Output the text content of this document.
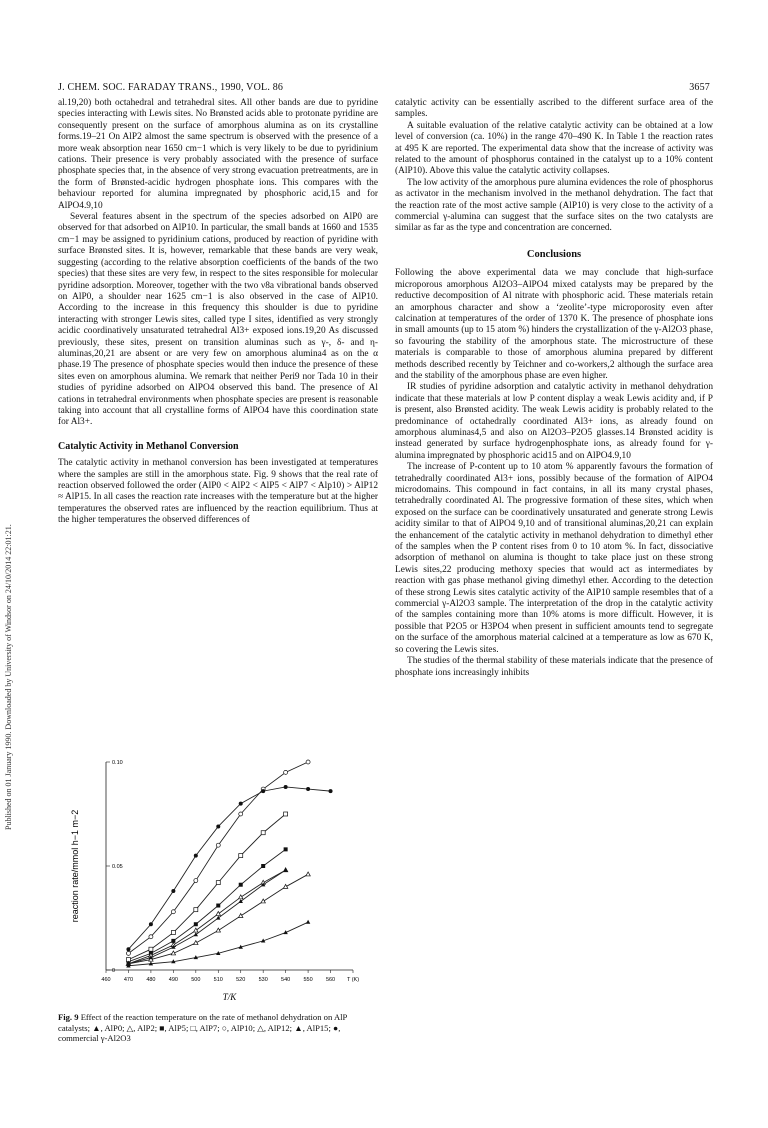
J. CHEM. SOC. FARADAY TRANS., 1990, VOL. 86	3657
Published on 01 January 1990. Downloaded by University of Windsor on 24/10/2014 22:01:21.

al.19,20) both octahedral and tetrahedral sites. All other bands are due to pyridine species interacting with Lewis sites. No Brønsted acids able to protonate pyridine are consequently present on the surface of amorphous alumina as on its crystalline forms.19–21 On AlP2 almost the same spectrum is observed with the presence of a more weak absorption near 1650 cm−1 which is very likely to be due to pyridinium cations. Their presence is very probably associated with the presence of surface phosphate species that, in the absence of very strong evacuation pretreatments, are in the form of Brønsted-acidic hydrogen phosphate ions. This compares with the behaviour reported for alumina impregnated by phosphoric acid,15 and for AlPO4.9,10

Several features absent in the spectrum of the species adsorbed on AlP0 are observed for that adsorbed on AlP10. In particular, the small bands at 1660 and 1535 cm−1 may be assigned to pyridinium cations, produced by reaction of pyridine with surface Brønsted sites. It is, however, remarkable that these bands are very weak, suggesting (according to the relative absorption coefficients of the bands of the two species) that these sites are very few, in respect to the sites responsible for molecular pyridine adsorption. Moreover, together with the two ν8a vibrational bands observed on AlP0, a shoulder near 1625 cm−1 is also observed in the case of AlP10. According to the increase in this frequency this shoulder is due to pyridine interacting with stronger Lewis sites, called type I sites, identified as very strongly acidic coordinatively unsaturated tetrahedral Al3+ exposed ions.19,20 As discussed previously, these sites, present on transition aluminas such as γ-, δ- and η-aluminas,20,21 are absent or are very few on amorphous alumina4 as on the α phase.19 The presence of phosphate species would then induce the presence of these sites even on amorphous alumina. We remark that neither Peri9 nor Tada 10 in their studies of pyridine adsorbed on AlPO4 observed this band. The presence of Al cations in tetrahedral environments when phosphate species are present is reasonable taking into account that all crystalline forms of AlPO4 have this coordination state for Al3+.

Catalytic Activity in Methanol Conversion

The catalytic activity in methanol conversion has been investigated at temperatures where the samples are still in the amorphous state. Fig. 9 shows that the real rate of reaction observed followed the order (AlP0 < AlP2 < AlP5 < AlP7 < Alp10) > AlP12 ≈ AlP15. In all cases the reaction rate increases with the temperature but at the higher temperatures the observed rates are influenced by the reaction equilibrium. Thus at the higher temperatures the observed differences of

460 470 480 490 500 510 520 530 540 550 560 T (K)
0
0.05
0.10
reaction rate/mmol h−1 m−2
T/K
Fig. 9 Effect of the reaction temperature on the rate of methanol dehydration on AlP catalysts; ▲, AlP0; △, AlP2; ■, AlP5; □, AlP7; ○, AlP10; △, AlP12; ▲, AlP15; ●, commercial γ-Al2O3

catalytic activity can be essentially ascribed to the different surface area of the samples.

A suitable evaluation of the relative catalytic activity can be obtained at a low level of conversion (ca. 10%) in the range 470–490 K. In Table 1 the reaction rates at 495 K are reported. The experimental data show that the increase of activity was related to the amount of phosphorus contained in the catalyst up to a 10% content (AlP10). Above this value the catalytic activity collapses.

The low activity of the amorphous pure alumina evidences the role of phosphorus as activator in the mechanism involved in the methanol dehydration. The fact that the reaction rate of the most active sample (AlP10) is very close to the activity of a commercial γ-alumina can suggest that the surface sites on the two catalysts are similar as far as the type and concentration are concerned.

Conclusions

Following the above experimental data we may conclude that high-surface microporous amorphous Al2O3–AlPO4 mixed catalysts may be prepared by the reductive decomposition of Al nitrate with phosphoric acid. These materials retain an amorphous character and show a ‘zeolite’-type microporosity even after calcination at temperatures of the order of 1370 K. The presence of phosphate ions in small amounts (up to 15 atom %) hinders the crystallization of the γ-Al2O3 phase, so favouring the stability of the amorphous state. The microstructure of these materials is comparable to those of amorphous alumina prepared by different methods described recently by Teichner and co-workers,2 although the surface area and the stability of the amorphous phase are even higher.

IR studies of pyridine adsorption and catalytic activity in methanol dehydration indicate that these materials at low P content display a weak Lewis acidity and, if P is present, also Brønsted acidity. The weak Lewis acidity is probably related to the predominance of octahedrally coordinated Al3+ ions, as already found on amorphous aluminas4,5 and also on Al2O3–P2O5 glasses.14 Brønsted acidity is instead generated by surface hydrogenphosphate ions, as already found for γ-alumina impregnated by phosphoric acid15 and on AlPO4.9,10

The increase of P-content up to 10 atom % apparently favours the formation of tetrahedrally coordinated Al3+ ions, possibly because of the formation of AlPO4 microdomains. This compound in fact contains, in all its many crystal phases, tetrahedrally coordinated Al. The progressive formation of these sites, which when exposed on the surface can be coordinatively unsaturated and generate strong Lewis acidity similar to that of AlPO4 9,10 and of transitional aluminas,20,21 can explain the enhancement of the catalytic activity in methanol dehydration to dimethyl ether of the samples when the P content rises from 0 to 10 atom %. In fact, dissociative adsorption of methanol on alumina is thought to take place just on these strong Lewis sites,22 producing methoxy species that would act as intermediates by reaction with gas phase methanol giving dimethyl ether. According to the detection of these strong Lewis sites catalytic activity of the AlP10 sample resembles that of a commercial γ-Al2O3 sample. The interpretation of the drop in the catalytic activity of the samples containing more than 10% atoms is more difficult. However, it is possible that P2O5 or H3PO4 when present in sufficient amounts tend to segregate on the surface of the amorphous material calcined at a temperature as low as 670 K, so covering the Lewis sites.

The studies of the thermal stability of these materials indicate that the presence of phosphate ions increasingly inhibits
